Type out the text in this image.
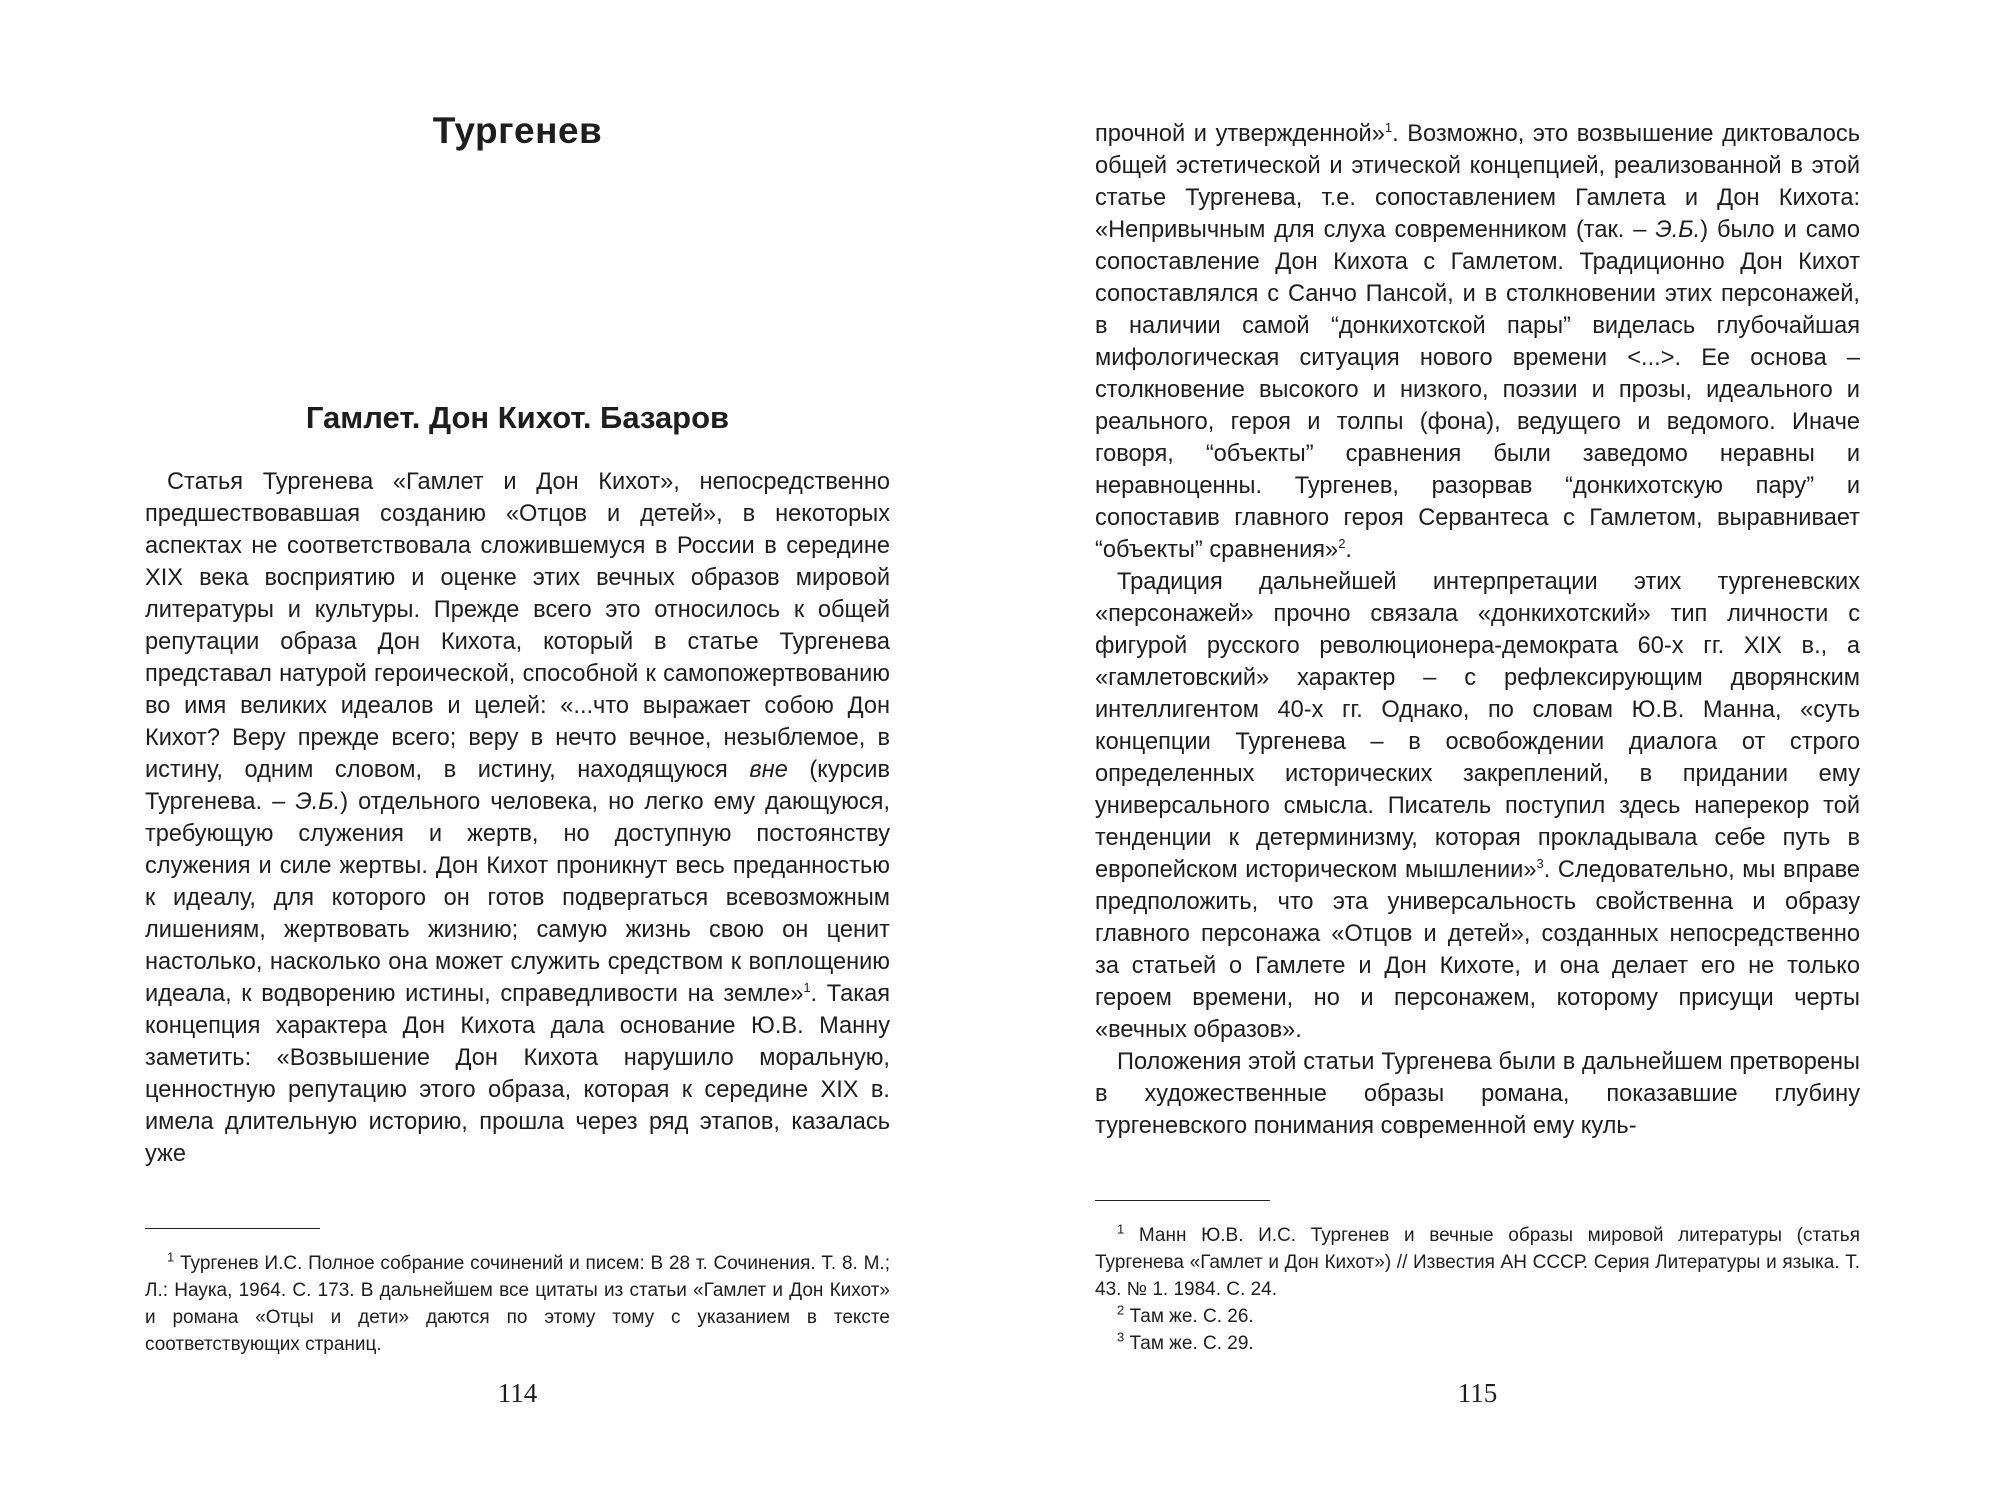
Тургенев
Гамлет. Дон Кихот. Базаров

Статья Тургенева «Гамлет и Дон Кихот», непосредственно предшествовавшая созданию «Отцов и детей», в некоторых аспектах не соответствовала сложившемуся в России в середине XIX века восприятию и оценке этих вечных образов мировой литературы и культуры. Прежде всего это относилось к общей репутации образа Дон Кихота, который в статье Тургенева представал натурой героической, способной к самопожертвованию во имя великих идеалов и целей: «...что выражает собою Дон Кихот? Веру прежде всего; веру в нечто вечное, незыблемое, в истину, одним словом, в истину, находящуюся вне (курсив Тургенева. – Э.Б.) отдельного человека, но легко ему дающуюся, требующую служения и жертв, но доступную постоянству служения и силе жертвы. Дон Кихот проникнут весь преданностью к идеалу, для которого он готов подвергаться всевозможным лишениям, жертвовать жизнию; самую жизнь свою он ценит настолько, насколько она может служить средством к воплощению идеала, к водворению истины, справедливости на земле»$^1$. Такая концепция характера Дон Кихота дала основание Ю.В. Манну заметить: «Возвышение Дон Кихота нарушило моральную, ценностную репутацию этого образа, которая к середине XIX в. имела длительную историю, прошла через ряд этапов, казалась уже

$^1$ Тургенев И.С. Полное собрание сочинений и писем: В 28 т. Сочинения. Т. 8. М.; Л.: Наука, 1964. С. 173. В дальнейшем все цитаты из статьи «Гамлет и Дон Кихот» и романа «Отцы и дети» даются по этому тому с указанием в тексте соответствующих страниц.

114

прочной и утвержденной»$^1$. Возможно, это возвышение диктовалось общей эстетической и этической концепцией, реализованной в этой статье Тургенева, т.е. сопоставлением Гамлета и Дон Кихота: «Непривычным для слуха современником (так. – Э.Б.) было и само сопоставление Дон Кихота с Гамлетом. Традиционно Дон Кихот сопоставлялся с Санчо Пансой, и в столкновении этих персонажей, в наличии самой “донкихотской пары” виделась глубочайшая мифологическая ситуация нового времени <...>. Ее основа – столкновение высокого и низкого, поэзии и прозы, идеального и реального, героя и толпы (фона), ведущего и ведомого. Иначе говоря, “объекты” сравнения были заведомо неравны и неравноценны. Тургенев, разорвав “донкихотскую пару” и сопоставив главного героя Сервантеса с Гамлетом, выравнивает “объекты” сравнения»$^2$.

Традиция дальнейшей интерпретации этих тургеневских «персонажей» прочно связала «донкихотский» тип личности с фигурой русского революционера-демократа 60-х гг. XIX в., а «гамлетовский» характер – с рефлексирующим дворянским интеллигентом 40-х гг. Однако, по словам Ю.В. Манна, «суть концепции Тургенева – в освобождении диалога от строго определенных исторических закреплений, в придании ему универсального смысла. Писатель поступил здесь наперекор той тенденции к детерминизму, которая прокладывала себе путь в европейском историческом мышлении»$^3$. Следовательно, мы вправе предположить, что эта универсальность свойственна и образу главного персонажа «Отцов и детей», созданных непосредственно за статьей о Гамлете и Дон Кихоте, и она делает его не только героем времени, но и персонажем, которому присущи черты «вечных образов».

Положения этой статьи Тургенева были в дальнейшем претворены в художественные образы романа, показавшие глубину тургеневского понимания современной ему куль-

$^1$ Манн Ю.В. И.С. Тургенев и вечные образы мировой литературы (статья Тургенева «Гамлет и Дон Кихот») // Известия АН СССР. Серия Литературы и языка. Т. 43. № 1. 1984. С. 24.

$^2$ Там же. С. 26.

$^3$ Там же. С. 29.

115
